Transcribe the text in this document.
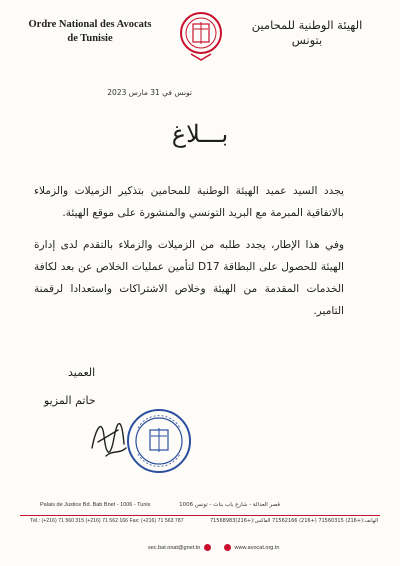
Ordre National des Avocats
de Tunisie
الهيئة الوطنية للمحامين
بتونس
تونس في 31 مارس 2023
بـــلاغ

يجدد السيد عميد الهيئة الوطنية للمحامين بتذكير الزميلات والزملاء بالاتفاقية المبرمة مع البريد التونسي والمنشورة على موقع الهيئة.

وفي هذا الإطار، يجدد طلبه من الزميلات والزملاء بالتقدم لدى إدارة الهيئة للحصول على البطاقة D17 لتأمين عمليات الخلاص عن بعد لكافة الخدمات المقدمة من الهيئة وخلاص الاشتراكات واستعدادا لرقمنة التامير.

العميد
حاتم المزيو
Palais de Justice Bd. Bab Bnet - 1006 - Tunis	قصر العدالة - شارع باب بنات - تونس 1006
Tél.: (+216) 71 560 315 (+216) 71 562 166 Fax: (+216) 71 563 787	الهاتف:(+216) 71560315 (+216) 71562166 الفاكس:(+216)71568983
sec.bat.onat@gnet.tn	www.avocat.org.tn
